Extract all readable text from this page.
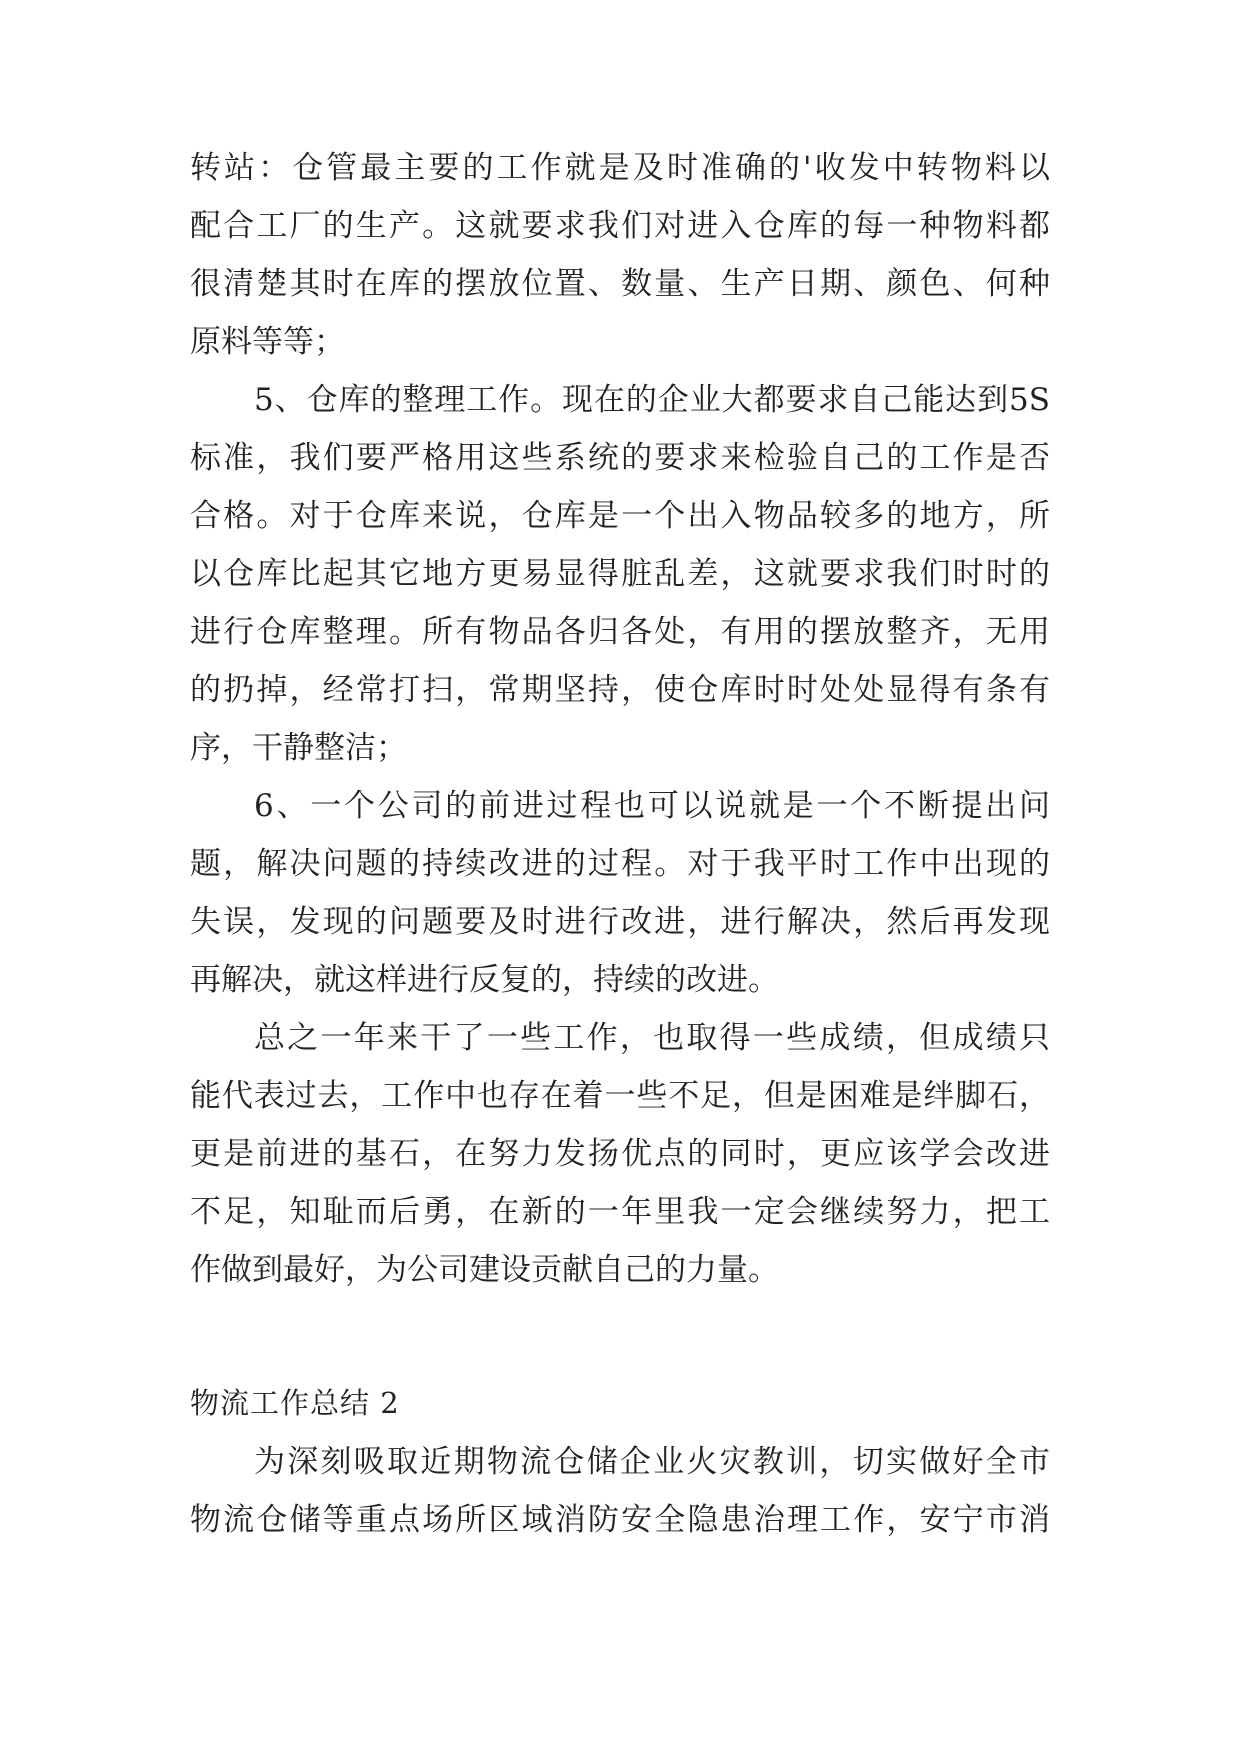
转站：仓管最主要的工作就是及时准确的'收发中转物料以
配合工厂的生产。这就要求我们对进入仓库的每一种物料都
很清楚其时在库的摆放位置、数量、生产日期、颜色、何种
原料等等；
5、仓库的整理工作。现在的企业大都要求自己能达到5S
标准，我们要严格用这些系统的要求来检验自己的工作是否
合格。对于仓库来说，仓库是一个出入物品较多的地方，所
以仓库比起其它地方更易显得脏乱差，这就要求我们时时的
进行仓库整理。所有物品各归各处，有用的摆放整齐，无用
的扔掉，经常打扫，常期坚持，使仓库时时处处显得有条有
序，干静整洁；
6、一个公司的前进过程也可以说就是一个不断提出问
题，解决问题的持续改进的过程。对于我平时工作中出现的
失误，发现的问题要及时进行改进，进行解决，然后再发现
再解决，就这样进行反复的，持续的改进。
总之一年来干了一些工作，也取得一些成绩，但成绩只
能代表过去，工作中也存在着一些不足，但是困难是绊脚石，
更是前进的基石，在努力发扬优点的同时，更应该学会改进
不足，知耻而后勇，在新的一年里我一定会继续努力，把工
作做到最好，为公司建设贡献自己的力量。
物流工作总结 2
为深刻吸取近期物流仓储企业火灾教训，切实做好全市
物流仓储等重点场所区域消防安全隐患治理工作，安宁市消
